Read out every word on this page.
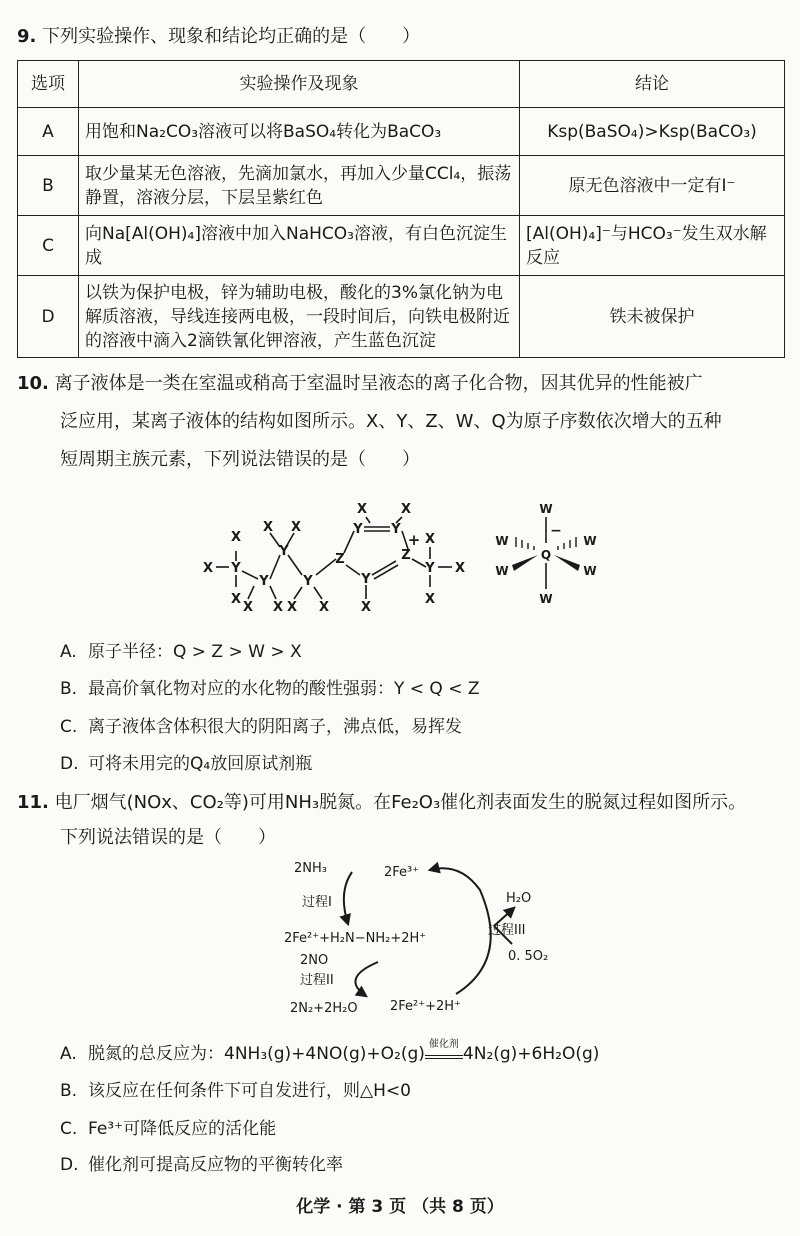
9. 下列实验操作、现象和结论均正确的是（　　）
选项	实验操作及现象	结论
A	用饱和Na₂CO₃溶液可以将BaSO₄转化为BaCO₃	Ksp(BaSO₄)>Ksp(BaCO₃)
B	取少量某无色溶液，先滴加氯水，再加入少量CCl₄，振荡静置，溶液分层，下层呈紫红色	原无色溶液中一定有I⁻
C	向Na[Al(OH)₄]溶液中加入NaHCO₃溶液，有白色沉淀生成	[Al(OH)₄]⁻与HCO₃⁻发生双水解反应
D	以铁为保护电极，锌为辅助电极，酸化的3%氯化钠为电解质溶液，导线连接两电极，一段时间后，向铁电极附近的溶液中滴入2滴铁氰化钾溶液，产生蓝色沉淀	铁未被保护
10. 离子液体是一类在室温或稍高于室温时呈液态的离子化合物，因其优异的性能被广
泛应用，某离子液体的结构如图所示。X、Y、Z、W、Q为原子序数依次增大的五种
短周期主族元素，下列说法错误的是（　　）
X
X Y
X
Y
X X
X X
Y
Y
X X
Z
X
Y Y
X
Z
+
Y
X
X
Y
X
X
W
−
W	W
Q
W	W
W
A. 原子半径：Q > Z > W > X
B. 最高价氧化物对应的水化物的酸性强弱：Y < Q < Z
C. 离子液体含体积很大的阴阳离子，沸点低，易挥发
D. 可将未用完的Q₄放回原试剂瓶
11. 电厂烟气(NOx、CO₂等)可用NH₃脱氮。在Fe₂O₃催化剂表面发生的脱氮过程如图所示。
下列说法错误的是（　　）
2NH₃	2Fe³⁺
过程I
2Fe²⁺+H₂N−NH₂+2H⁺
2NO
过程II
2N₂+2H₂O 2Fe²⁺+2H⁺
H₂O
过程III
0. 5O₂
A. 脱氮的总反应为：4NH₃(g)+4NO(g)+O₂(g) 催化剂 4N₂(g)+6H₂O(g)
B. 该反应在任何条件下可自发进行，则△H<0
C. Fe³⁺可降低反应的活化能
D. 催化剂可提高反应物的平衡转化率
化学 · 第 3 页 （共 8 页）
